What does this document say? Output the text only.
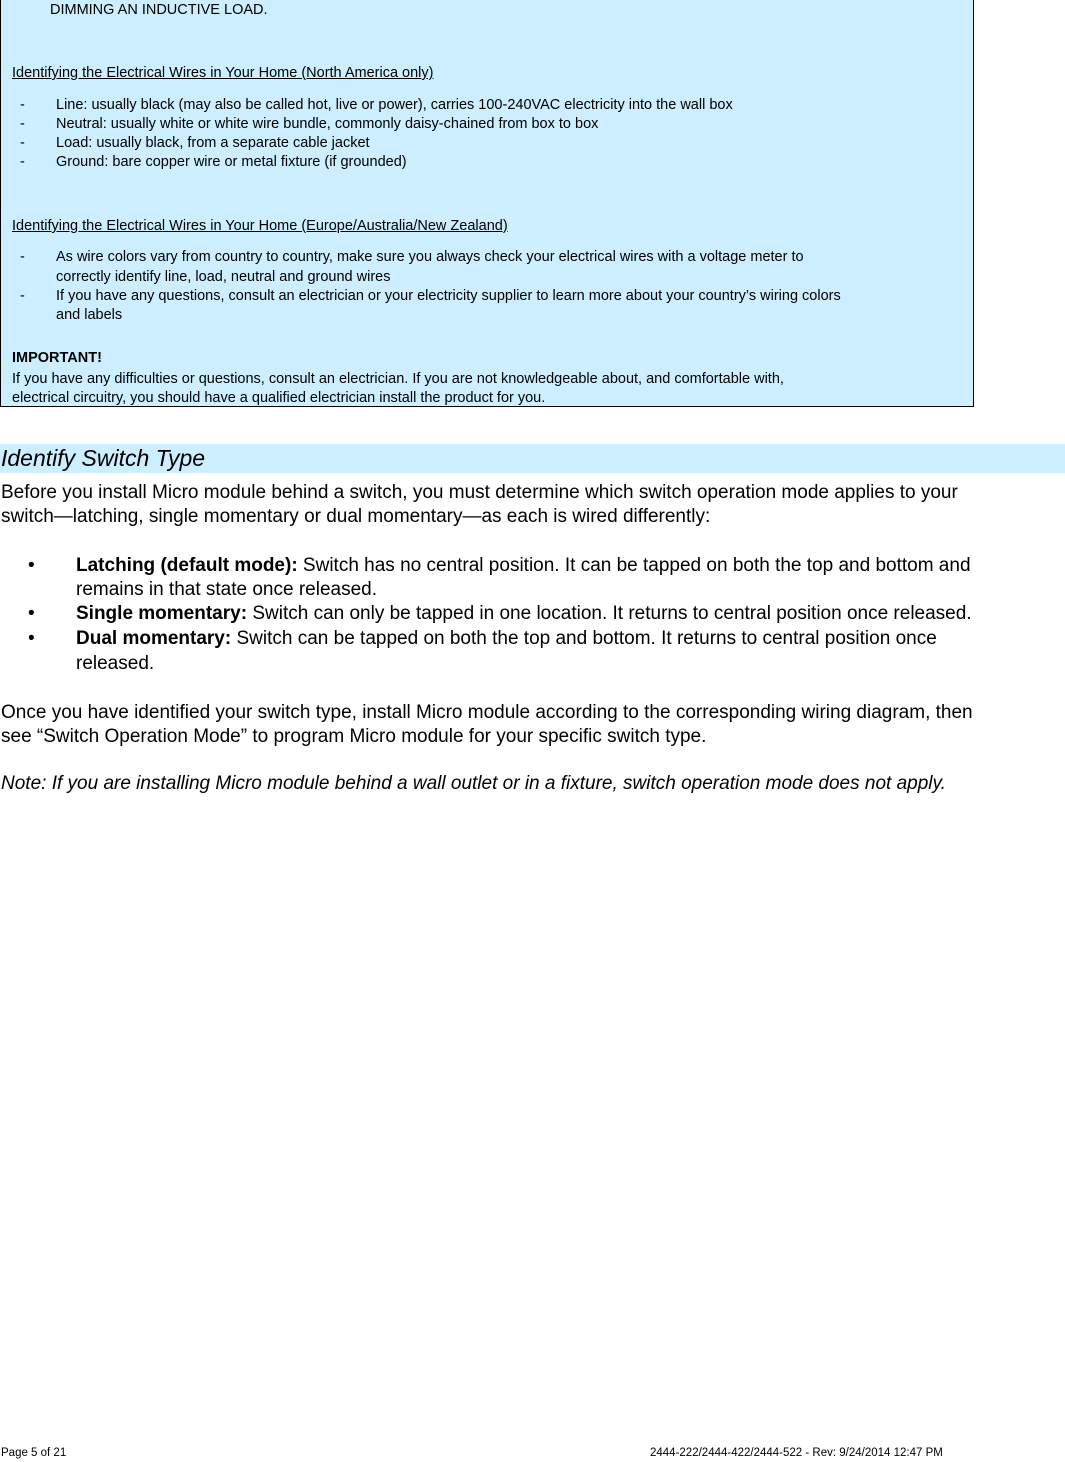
DIMMING AN INDUCTIVE LOAD.
Identifying the Electrical Wires in Your Home (North America only)
- Line: usually black (may also be called hot, live or power), carries 100-240VAC electricity into the wall box
- Neutral: usually white or white wire bundle, commonly daisy-chained from box to box
- Load: usually black, from a separate cable jacket
- Ground: bare copper wire or metal fixture (if grounded)
Identifying the Electrical Wires in Your Home (Europe/Australia/New Zealand)
- As wire colors vary from country to country, make sure you always check your electrical wires with a voltage meter to
correctly identify line, load, neutral and ground wires
- If you have any questions, consult an electrician or your electricity supplier to learn more about your country’s wiring colors
and labels
IMPORTANT!
If you have any difficulties or questions, consult an electrician. If you are not knowledgeable about, and comfortable with,
electrical circuitry, you should have a qualified electrician install the product for you.
Identify Switch Type
Before you install Micro module behind a switch, you must determine which switch operation mode applies to your
switch—latching, single momentary or dual momentary—as each is wired differently:
• Latching (default mode): Switch has no central position. It can be tapped on both the top and bottom and
remains in that state once released.
• Single momentary: Switch can only be tapped in one location. It returns to central position once released.
• Dual momentary: Switch can be tapped on both the top and bottom. It returns to central position once
released.
Once you have identified your switch type, install Micro module according to the corresponding wiring diagram, then
see “Switch Operation Mode” to program Micro module for your specific switch type.
Note: If you are installing Micro module behind a wall outlet or in a fixture, switch operation mode does not apply.
Page 5 of 21	2444-222/2444-422/2444-522 - Rev: 9/24/2014 12:47 PM
